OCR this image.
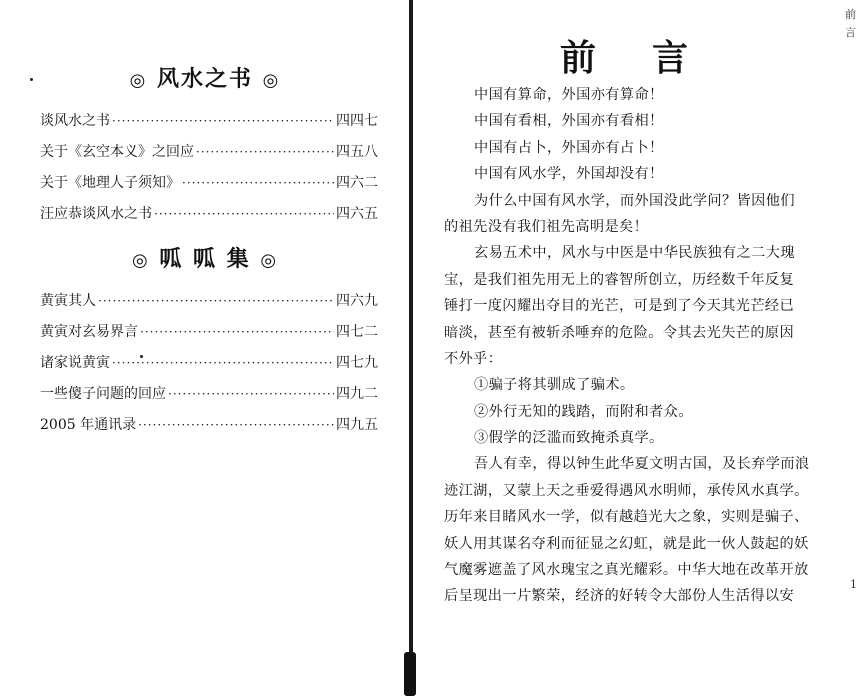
◎ 风水之书 ◎
谈风水之书 ·····	四四七
关于《玄空本义》之回应 ·····	四五八
关于《地理人子须知》 ·····	四六二
汪应恭谈风水之书 ·····	四六五
◎ 呱 呱 集 ◎
黄寅其人 ·····	四六九
黄寅对玄易界言 ·····	四七二
诸家说黄寅 ·····	四七九
一些傻子问题的回应 ·····	四九二
2005 年通讯录 ·····	四九五
前言
中国有算命，外国亦有算命！
中国有看相，外国亦有看相！
中国有占卜，外国亦有占卜！
中国有风水学，外国却没有！
为什么中国有风水学，而外国没此学问？皆因他们
的祖先没有我们祖先高明是矣！
玄易五术中，风水与中医是中华民族独有之二大瑰
宝，是我们祖先用无上的睿智所创立，历经数千年反复
锤打一度闪耀出夺目的光芒，可是到了今天其光芒经已
暗淡，甚至有被斩杀唾弃的危险。令其去光失芒的原因
不外乎：
①骗子将其驯成了骗术。
②外行无知的践踏，而附和者众。
③假学的泛滥而致掩杀真学。
吾人有幸，得以钟生此华夏文明古国，及长弃学而浪
迹江湖，又蒙上天之垂爱得遇风水明师，承传风水真学。
历年来目睹风水一学，似有越趋光大之象，实则是骗子、
妖人用其谋名夺利而征显之幻虹，就是此一伙人鼓起的妖
气魔雾遮盖了风水瑰宝之真光耀彩。中华大地在改革开放
后呈现出一片繁荣，经济的好转令大部份人生活得以安
前
言
1
